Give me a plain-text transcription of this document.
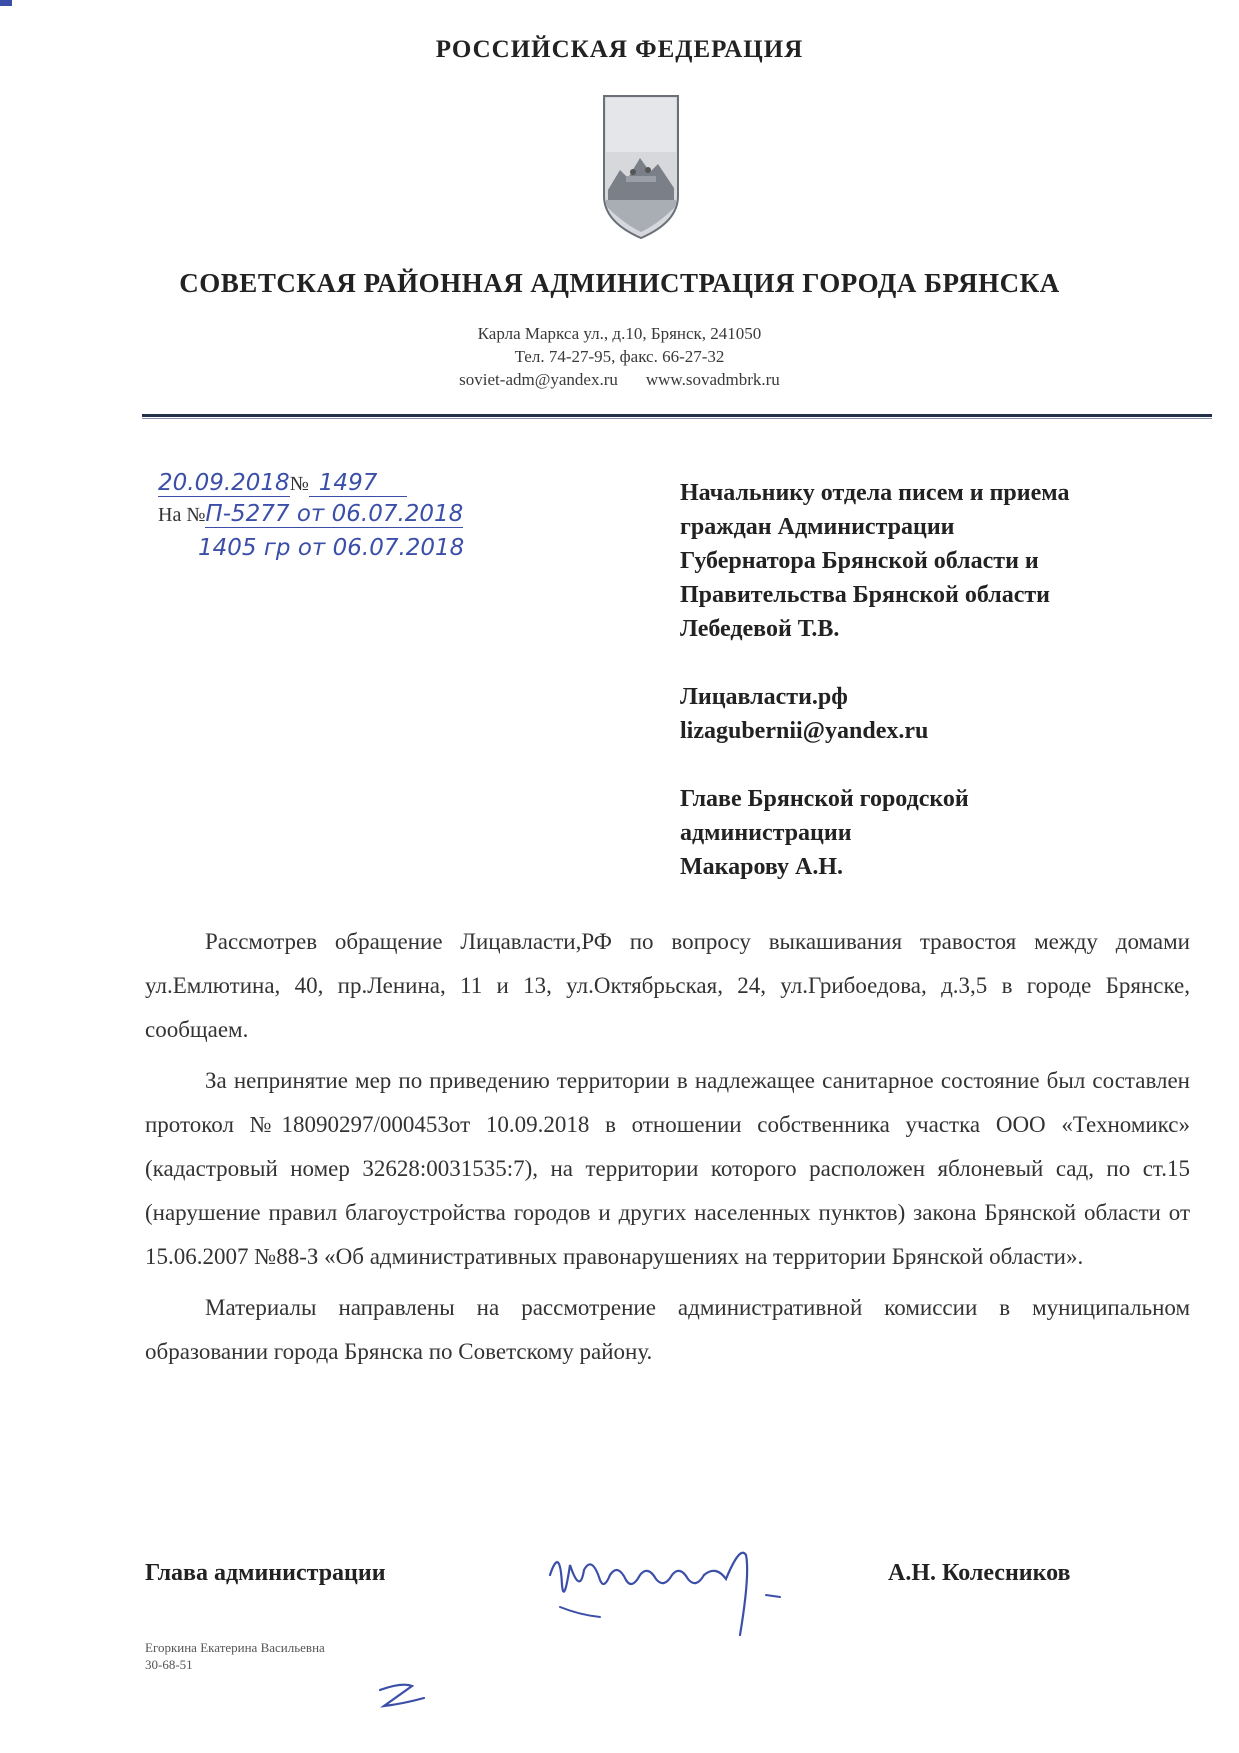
РОССИЙСКАЯ ФЕДЕРАЦИЯ
СОВЕТСКАЯ РАЙОННАЯ АДМИНИСТРАЦИЯ ГОРОДА БРЯНСКА
Карла Маркса ул., д.10, Брянск, 241050
Тел. 74-27-95, факс. 66-27-32
soviet-adm@yandex.ru www.sovadmbrk.ru
20.09.2018№ 1497
На №П-5277 от 06.07.2018
1405 гр от 06.07.2018

Начальнику отдела писем и приема

граждан Администрации

Губернатора Брянской области и

Правительства Брянской области

Лебедевой Т.В.

Лицавласти.рф

lizagubernii@yandex.ru

Главе Брянской городской

администрации

Макарову А.Н.

Рассмотрев обращение Лицавласти,РФ по вопросу выкашивания травостоя между домами ул.Емлютина, 40, пр.Ленина, 11 и 13, ул.Октябрьская, 24, ул.Грибоедова, д.3,5 в городе Брянске, сообщаем.

За непринятие мер по приведению территории в надлежащее санитарное состояние был составлен протокол №18090297/000453от 10.09.2018 в отношении собственника участка ООО «Техномикс» (кадастровый номер 32628:0031535:7), на территории которого расположен яблоневый сад, по ст.15 (нарушение правил благоустройства городов и других населенных пунктов) закона Брянской области от 15.06.2007 №88-З «Об административных правонарушениях на территории Брянской области».

Материалы направлены на рассмотрение административной комиссии в муниципальном образовании города Брянска по Советскому району.

Глава администрации	А.Н. Колесников
Егоркина Екатерина Васильевна
30-68-51
